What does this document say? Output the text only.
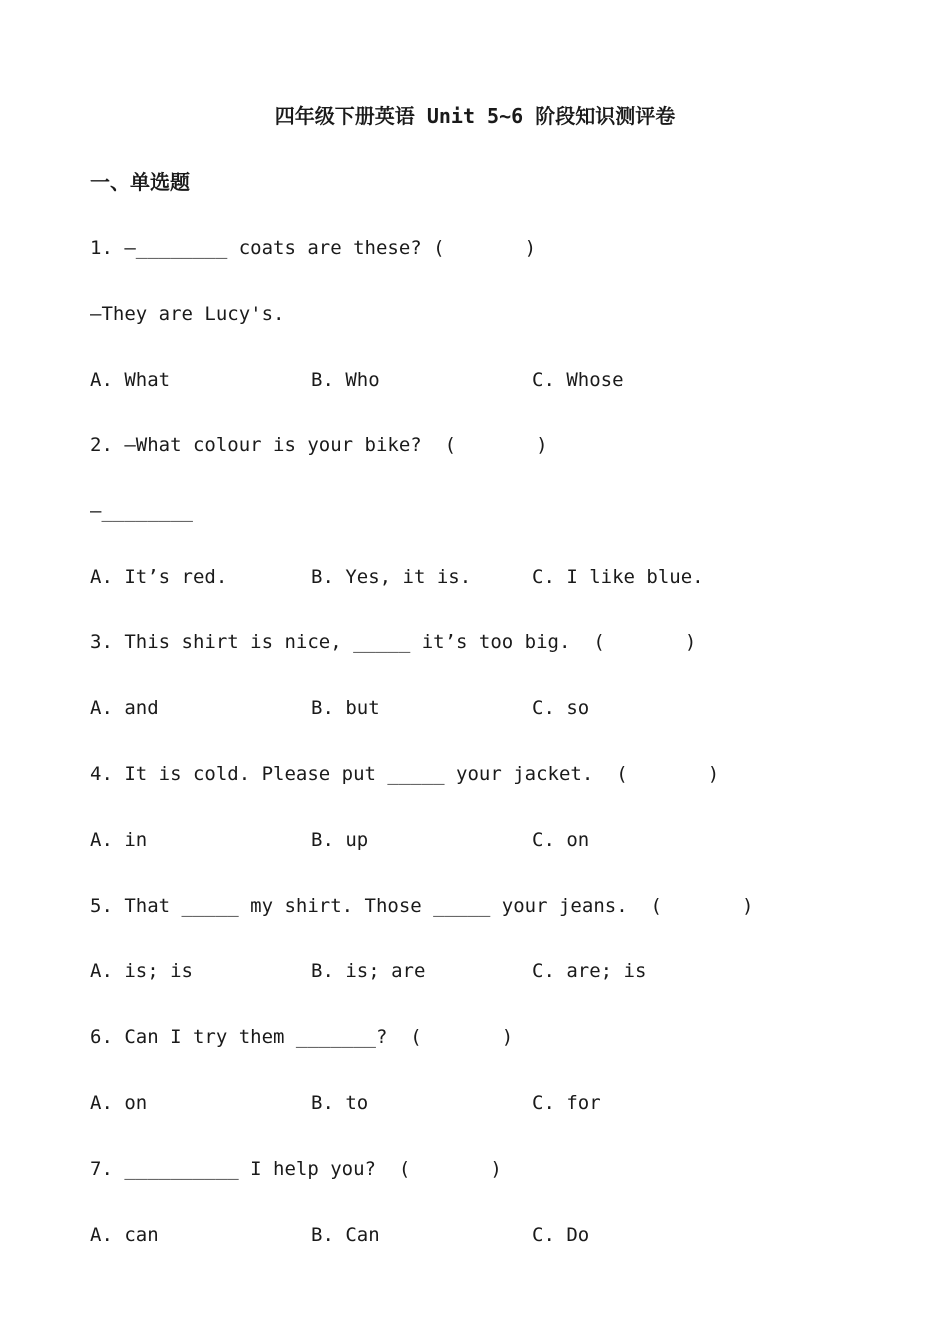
四年级下册英语 Unit 5~6 阶段知识测评卷
一、单选题
1. —________ coats are these? (       )
—They are Lucy's.
A. What	B. Who	C. Whose
2. —What colour is your bike?  (       )
—________
A. It’s red.	B. Yes, it is.	C. I like blue.
3. This shirt is nice, _____ it’s too big.  (       )
A. and	B. but	C. so
4. It is cold. Please put _____ your jacket.  (       )
A. in	B. up	C. on
5. That _____ my shirt. Those _____ your jeans.  (       )
A. is; is	B. is; are	C. are; is
6. Can I try them _______?  (       )
A. on	B. to	C. for
7. __________ I help you?  (       )
A. can	B. Can	C. Do
